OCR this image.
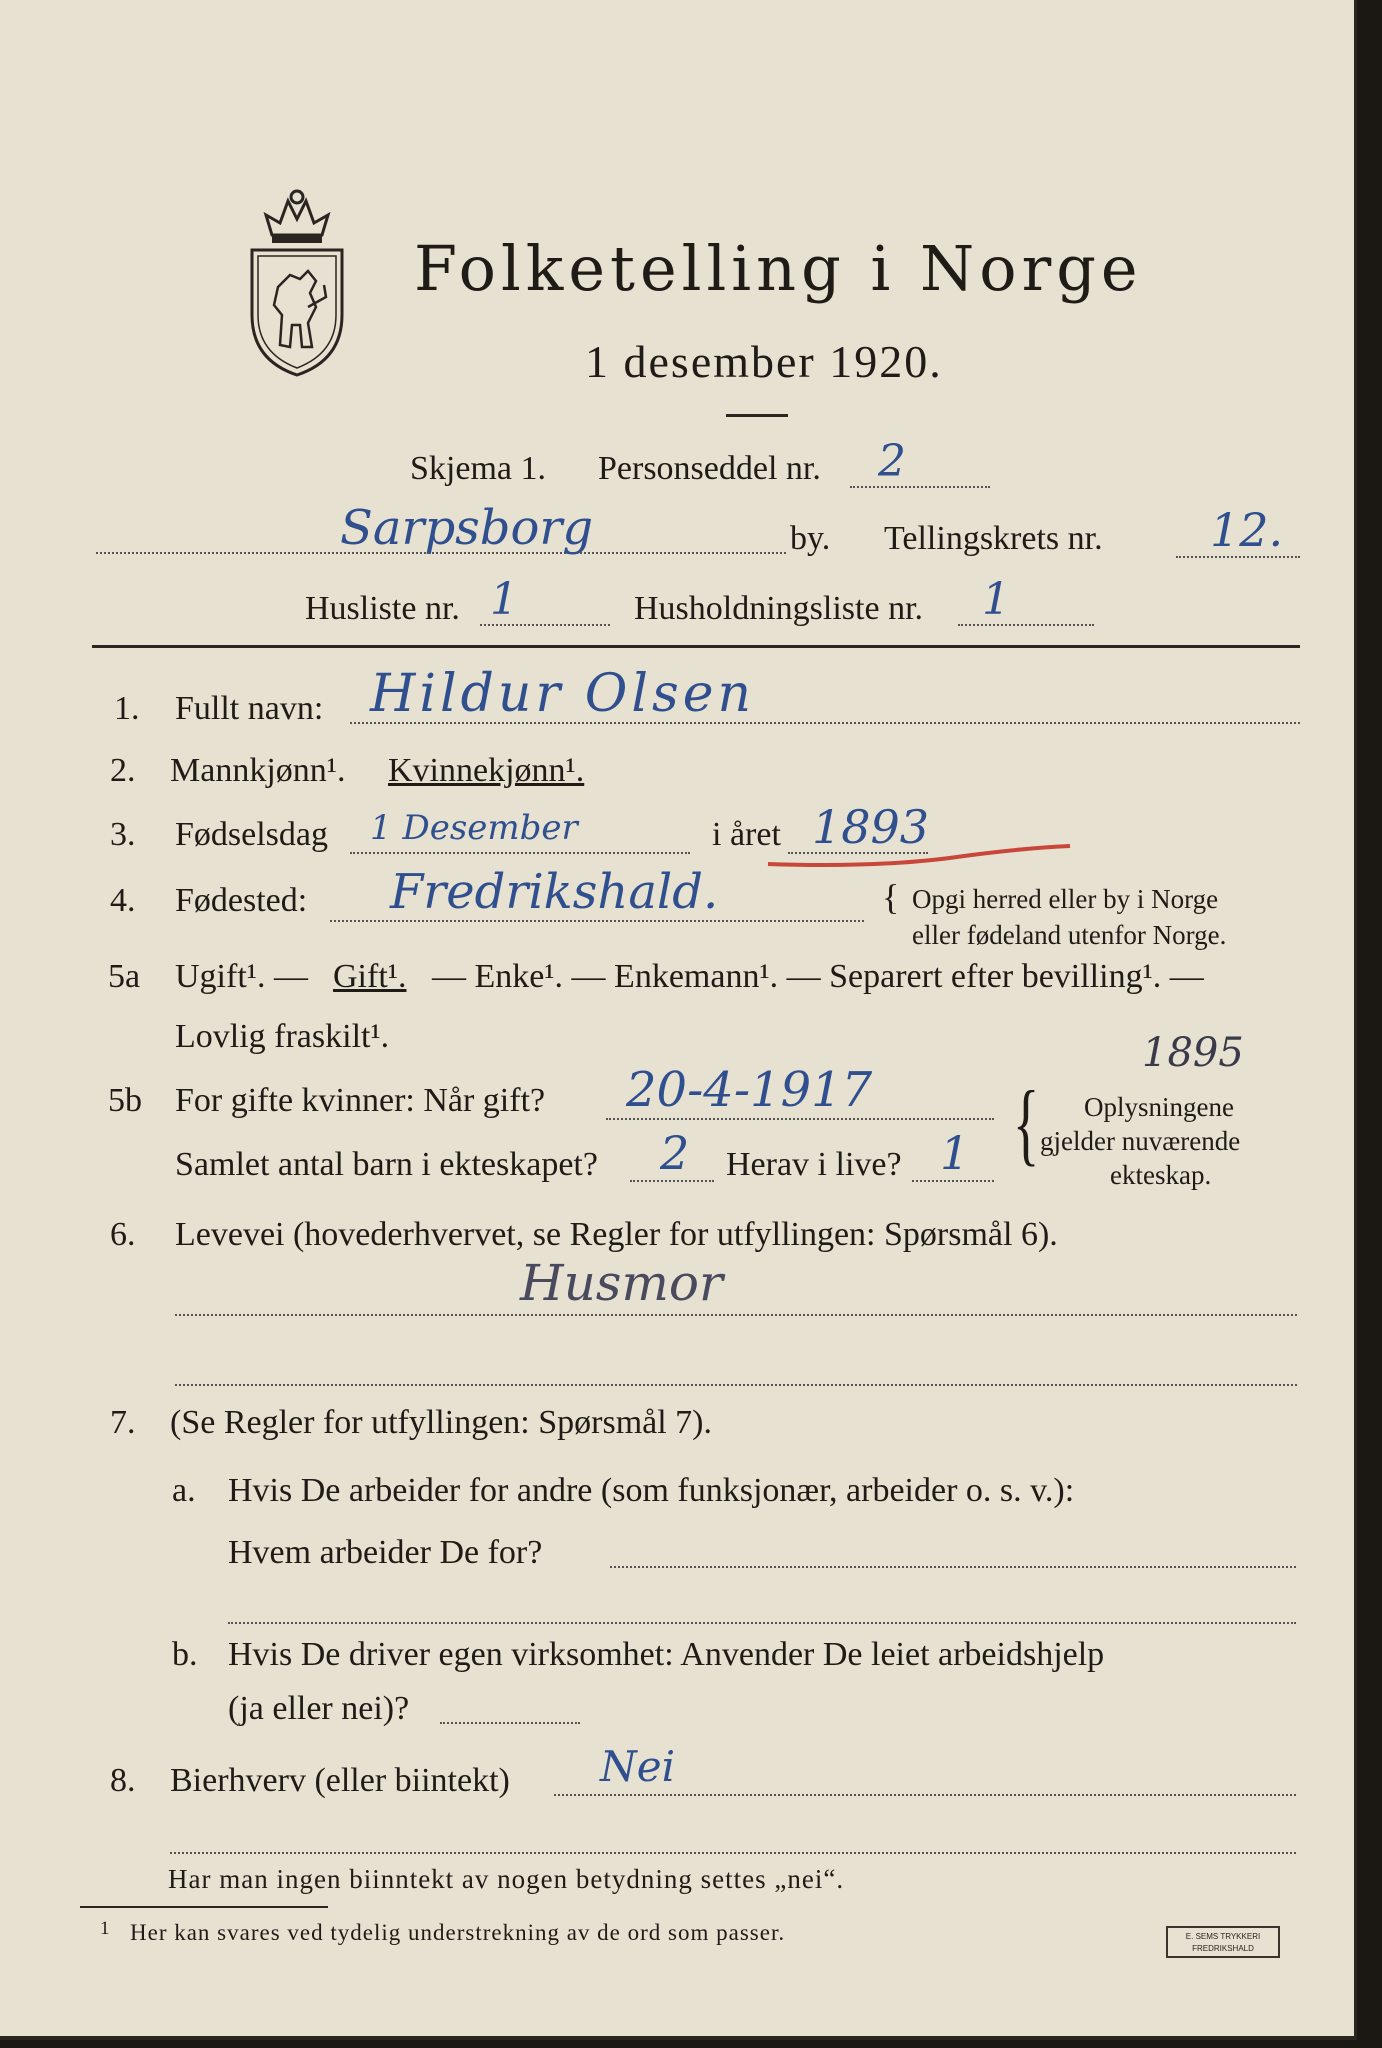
Folketelling i Norge
1 desember 1920.
Skjema 1. Personseddel nr. 2
Sarpsborg	by. Tellingskrets nr. 12.
Husliste nr. 1	Husholdningsliste nr. 1
1. Fullt navn: Hildur Olsen
2. Mannkjønn¹. Kvinnekjønn¹.
3. Fødselsdag 1 Desember	i året 1893
4. Fødested: Fredrikshald.	{ Opgi herred eller by i Norge
eller fødeland utenfor Norge.
5a Ugift¹. — Gift¹. — Enke¹. — Enkemann¹. — Separert efter bevilling¹. —
Lovlig fraskilt¹.	1895
5b For gifte kvinner: Når gift? 20-4-1917
Samlet antal barn i ekteskapet? 2 Herav i live? 1 { Oplysningene
gjelder nuværende
ekteskap.
6. Levevei (hovederhvervet, se Regler for utfyllingen: Spørsmål 6).
Husmor
7. (Se Regler for utfyllingen: Spørsmål 7).
a. Hvis De arbeider for andre (som funksjonær, arbeider o. s. v.):
Hvem arbeider De for?
b. Hvis De driver egen virksomhet: Anvender De leiet arbeidshjelp
(ja eller nei)?
8. Bierhverv (eller biintekt) Nei
Har man ingen biinntekt av nogen betydning settes „nei“.
1 Her kan svares ved tydelig understrekning av de ord som passer.	E. SEMS TRYKKERI
FREDRIKSHALD
